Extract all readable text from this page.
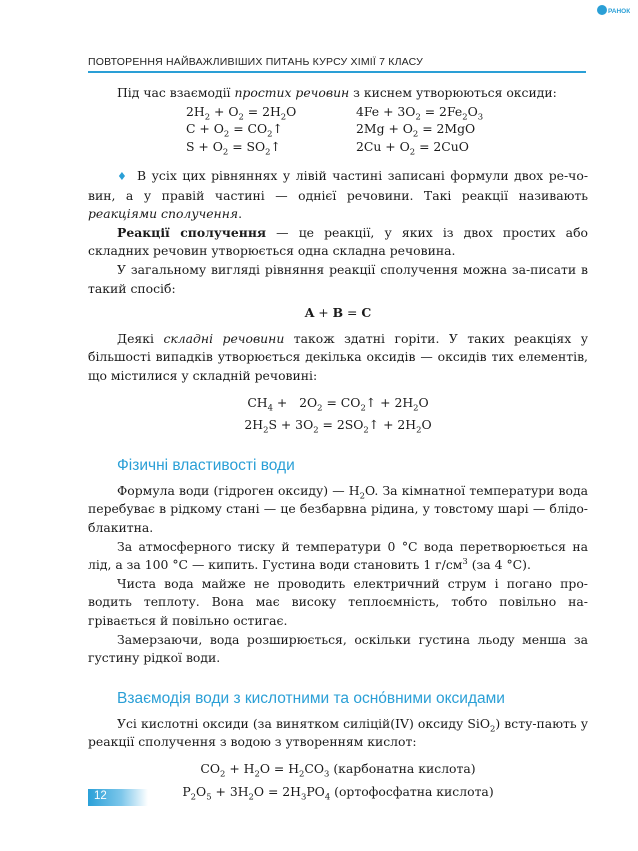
РАНОК
ПОВТОРЕННЯ НАЙВАЖЛИВІШИХ ПИТАНЬ КУРСУ ХІМІЇ 7 КЛАСУ

Під час взаємодії простих речовин з киснем утворюються оксиди:

$2H_2 + O_2 = 2H_2O$	$4Fe + 3O_2 = 2Fe_2O_3$
$C + O_2$ = $CO_2↑$	$2Mg + O_2 = 2MgO$
$S + O_2$ = $SO_2↑$	$2Cu + O_2 = 2CuO$

♦ В усіх цих рівняннях у лівій частині записані формули двох ре-човин, а у правій частині — однієї речовини. Такі реакції називають реакціями сполучення.

Реакції сполучення — це реакції, у яких із двох простих або складних речовин утворюється одна складна речовина.

У загальному вигляді рівняння реакції сполучення можна за-писати в такий спосіб:

A + B = C

Деякі складні речовини також здатні горіти. У таких реакціях у більшості випадків утворюється декілька оксидів — оксидів тих елементів, що містилися у складній речовині:

$CH_4 + 2O_2$ = $CO_2↑ + 2H_2O$
$2H_2S + 3O_2$ = $2SO_2↑ + 2H_2O$
Фізичні властивості води

Формула води (гідроген оксиду) — $H_2O$. За кімнатної температури вода перебуває в рідкому стані — це безбарвна рідина, у товстому шарі — блідо-блакитна.

За атмосферного тиску й температури 0 °С вода перетворюється на лід, а за 100 °С — кипить. Густина води становить 1 $г/см^3$ (за 4 °С).

Чиста вода майже не проводить електричний струм і погано про-водить теплоту. Вона має високу теплоємність, тобто повільно на-грівається й повільно остигає.

Замерзаючи, вода розширюється, оскільки густина льоду менша за густину рідкої води.

Взаємодія води з кислотними та осно́вними оксидами

Усі кислотні оксиди (за винятком силіцій(IV) оксиду SiO$_2$) всту-пають у реакції сполучення з водою з утворенням кислот:

$CO_2 + H_2O = H_2CO_3$ (карбонатна кислота)
$P_2O_5 + 3H_2O = 2H_3PO_4$ (ортофосфатна кислота)
12
